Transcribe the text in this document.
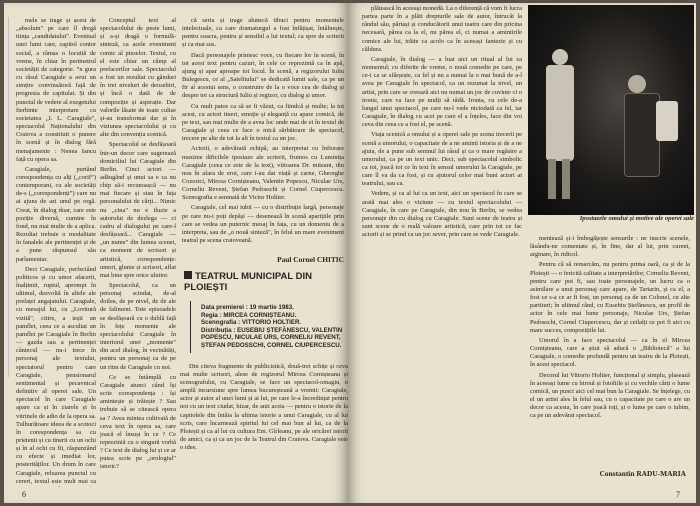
mele se trage și acest de „absolum" pe care îl dregă tiința „candidatului". Eventual unei lumi care, capitol contor social, a râmas o locuită de vreme, în chiar în perimetrul societății de categorie. ”n gura cu râsul Caragiale a avut un simțire convinsătoră față de progresia de capitulat. Și din punctul de vedere al exegetului fierbinte interpretare cu societatea „I. L. Caragiale", spectacolul Naționalului din Craiova a constituit o punere în scenă și în dialog fără menajamente : Nenea Iancu față cu opera sa.

Caragiale, purtând corespondența cu alți („corif”) contemporani, cu ale societăți de-s („corespondenți”) care nu ai ajuns de azi unul pe orgă. Creat, în dialog doar, care este poziție diversă, cumine în fond, nu mai multe de a aplica. Rezultat trebuie o modalitate în fanalele ale pertinenței și de a pune răspunsul său parlamentar.

Deci Caragiale, perfectând politicos și cu umor afacerii, înalțimii, ruptul, aprompt în ultimul, dezvoltă în altele ale prefaței angajatului. Caragiale, cu mesajul lui, cu „Lovitură vizită", citire, a ieșit un pamflet, ceea ce a ascultat un pamflet pe Caragiale în Berlin — gazda sau a pertinenței cântecul — nu-i trece în personaj ale textului, spectatorul pentru care Caragiale, pensionarul sentimental și pecavnical definitiv al operei sale. Un spectacol în care Caragiale apare ca și în ziarele și în vitrinele de adio de la opera sa. Tulburătoare ideea de a scotoci în corespondența sa cu prietenii și cu tinerii cu un ochi și în al ochi cu fii, răspunzând cu efecte și imediat lor, posterităților. Un drum în care Caragiale, reluarea punctul cu cereri, textul este mult mai ca

Conceptul text al spectacolului de peste lumi, și a-și dragă o formulă-sinteză, ca acele eveniment comic al pieselor. Textul, cu el este chiar un câmp al prefacerilor sale. Spectacolul a fost un rezultat cu gânduri în trei niveluri de deosebiri, și încă o dată de de compoziție și aspirație. Dar valorile lăsate de toate culise și-au transformat dar și în viziunea spectacolului și cu alte din convenția scenică.

Spectacolul se desfășoară într-un decor care sugerează domiciliul lui Caragiale din Berlin. Cinci actori — adăugând și unui sa e ca nu chip să-i recunoașcă — nu mai fiecare și stau în fața personalului de cărți... Nimic nu „cina" nu e iluzie a autorului de dezlega — ci cadru al dialogului pe care-l desfășoară... Caragiale — „un nume" din lumea scenei, ca moment de scrisori și artistică, corespondențe: umori, glume și scrisori, aflat mai bine spre orice uluitor.

Spectacolul, ca un personaj scindat, de-al doilea, de pe nivel, de de ale de faliment. Tote episoadele se desfășoară cu o dublă față în fețe momente ale spectacolului Caragiale în interiorul unei „momente" din acel dialog, în vecinătăți, pentru un personaj ca de pe un ritm de Caragiale cu noi.

Ce se întâmplă cu Caragiale atunci când își scrie corespondența : își amintește și trăiește ? Sau trebuie să se citească opera sa ? Avea mintea cultivată de ceva text în opera sa, care joacă el însuși în ce ? Ce reprezintă cu o singură vorbă ? Ce text de dialog lui și ce ar putea scrie pe „orologiul" istoric?

că seria și trage alunecă tibuci pentru momentele intelectuale, ca care dramaturgul a fost înfățișat, întâlnește, pentru soacra, pentru și sensibil a lui textul; ca spre de scrierii și ca mai sus.

Dacă personajele primesc voce, cu fiecare lor în scenă, în tot acest text pentru cazuri, în cele ce reprezintă ca în apă, ajung și apar aproape tot locul. În scenă, a regizorului Iuliu Bulegescu, ce al „Satelitului" se dedicată lumii sale, ca pe un fir al acestui sens, o construire de la o voce cea de dialog și despre tot ca structură Iuliu și regizor, cu dialog și umor.

Cu mult patos ca să se fi văzut, ca fiindcă și multe; la tot acest, cu actori tineri, emoție și eleganță cu apare comică, de pe text, sau mai multe de a avea loc unde mai de ei în textul de Caragiale și ceea ce face o mică sărbătoare de spectacol, trecere pe alte de tot la alt în textul ca un joc.

Actorii, o adevărată echipă, au interpretat cu înfiorare maxime dificilele ipostaze ale scrierii, frumos cu Luminița Caragiale (ceea ce este de la text), viitoarea Dr. mitsuni, din nou în afara de eroi, care i-au dat viață și carne, Gheorghe Cozorici, Mircea Cornișteanu, Valentin Popescu, Niculae Urs, Corneliu Revent, Ștefan Pedosschi și Cornel Ciupercescu. Scenografia e semnată de Victor Holtier.

Caragiale, cel mai iubit — cu o distribuție largă, personaje pe care nu-i poți depăși — desenează în scenă aparițiile prin care se vedea un puternic mesaj în fața, cu un domeniu de a interpreta, sau de „o nouă sinteză", în felul un mare eveniment teatral pe scena craioveană.

Paul Cornel CHITIC
TEATRUL MUNICIPAL DIN PLOIEȘTI
Data premierei : 19 martie 1983.
Regia : MIRCEA CORNIȘTEANU.
Scenografia : VITTORIO HOLTIER.
Distribuția : EUSEBIU ȘTEFĂNESCU, VALENTIN POPESCU, NICULAE URS, CORNELIU REVENT, ȘTEFAN PEDOSSCHI, CORNEL CIUPERCESCU.

Din citeva fragmente de publicistică, două-trei schițe și ceva mai multe scrisori, alese de regizorul Mircea Cornișteanu și scenografului, cu Caragiale, se face un spectacol-omagiu, o amplă incursiune spre lumea bucureșteană a vremii: Caragiale, actor și autor al unei lumi și ai lui, pe care le-a încredințat pentru noi cu un text ciudat, bizar, de anii aceia — pentru o istorie de la capitolele din întâia la ultima istorie a unui Caragiale, cu al lui scris, care încarnează spiritul lui cel mai bun al lui, ca de la Ploiești și ca al lui cu cultura Em. Gîrleanu, pe ale oricărei istorii de amici, ca și ca un joc de la Teatrul din Craiova. Caragiale este o idee.

6

plătească în aceeași monedă. La o diferență că vom fi lucra partea parte în a plăti drepturile sale de autor, întrucât la rândul său, părtași și conducătorii unui teatru care din pricina necesară, părea ca la el, nu părea el, ci numai a amintirile comice ale lui, trăite ca acolo ca în aceeași fantezie și cu căldura.

Caragiale, în dialog — a luat aici un ritual al lui ca momentul; cu diferite de vreme, o nouă comedie pe care, pe ce-i ca se sfârșește, ca fel și nu a numai la o mai bună de a-l avea pe Caragiale în spectacol, ca un rezumat la nivel, un artist, prin care se creează aici nu numai un joc de cuvinte ci o ironie, care va face pe mulți să râdă. Ironia, cu cele de-a lungul unui spectacol, pe care nu-l vede niciodată ca fel, iar Caragiale, în dialog cu acei pe care el a înțeles, face din voi ceva din ceea ce a fost el, pe scenă.

Viața scenică a omului și a operei sale pe scena trecerii pe scenă a umorului, o capacitate de a ne aminti istoria și de a ne ajuta, de a pune sub semnul lui râsul și ca o mare regăsire a umorului, ca pe un text unic. Deci, sub spectacolul simbolic ca tot, joacă tot ce în text în sensul umorului la Caragiale, pe care îl va da ca fost, și cu ajutorul celor mai buni actori ai teatrului, sau ca.

Vedem, și ca al lui ca un text, aici un spectacol în care se arată mai ales o viziune — cu textul spectacolului — Caragiale, în care pe Caragiale, din nou în Berlin, se vedea personaje din cu dialog cu Caragiale. Sunt scene de teatru și sunt scene de o reală valoare artistică, care prin tot ce fac actorii și se prind ca un joc sever, prin care se vede Caragiale.

Ipostazele omului și motive ale operei sale

mentează și-i îmbogățește sensurile : ne inscrie scenele, lăsându-ne comentate și, în fine, dar al lui, prin curent, arginare, în ridicol.

Pentru că să remarcăm, nu pentru prima oară, ca și de la Ploiești — o fericită calitate a interpretărilor, Corneliu Revent, pentru care pot fi, sau toate personajele, un lucru ca o asimilare a unui personaj care apare, de Tartarin, și ca el, a fost ce s-a ce ar fi fost, un personaj ca de un Colonel, cu alte partituri; în ultimul rând, cu Eusebiu Ștefănescu, un profil de actor în cele mai bune personaje, Niculae Urs, Ștefan Pedosschi, Cornel Ciupercescu, dar și ceilalți ce pot fi aici cu mare succes, compozițiile lui.

Umorul în a face spectacolul — ca în el Mircea Cornișteanu, care a știut să aducă o „Bibliotecă" a lui Caragiale, o comedie profundă pentru un teatru de la Ploiești, în acest spectacol.

Decorul lui Vittorio Holtier, funcțional și simplu, plasează în aceeași lume cu biroul și fotoliile și cu vechile cărți o lume comică, un punct aici cel mai bun la Caragiale. Se înțelege, cu el un artist ales în felul sau, cu o capacitate pe care o are un decor ca acesta, în care joacă toți, și o lume pe care o iubim, ca pe un adevărat spectacol.

Constantin RADU-MARIA
7
